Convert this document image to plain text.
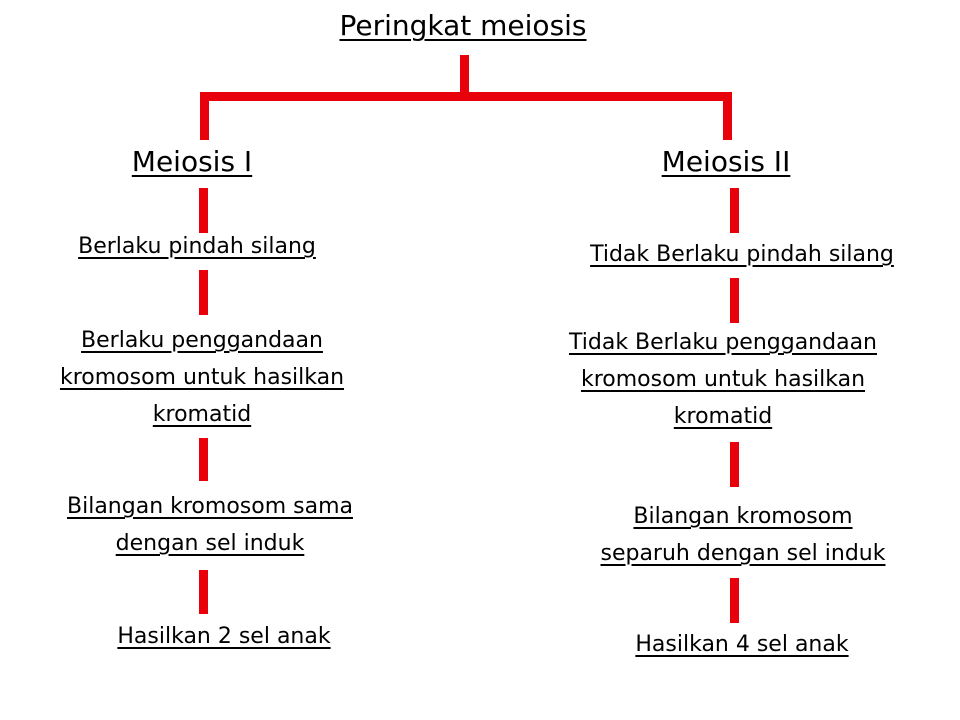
Peringkat meiosis
Meiosis I
Berlaku pindah silang
Berlaku penggandaan
kromosom untuk hasilkan
kromatid
Bilangan kromosom sama
dengan sel induk
Hasilkan 2 sel anak
Meiosis II
Tidak Berlaku pindah silang
Tidak Berlaku penggandaan
kromosom untuk hasilkan
kromatid
Bilangan kromosom
separuh dengan sel induk
Hasilkan 4 sel anak
